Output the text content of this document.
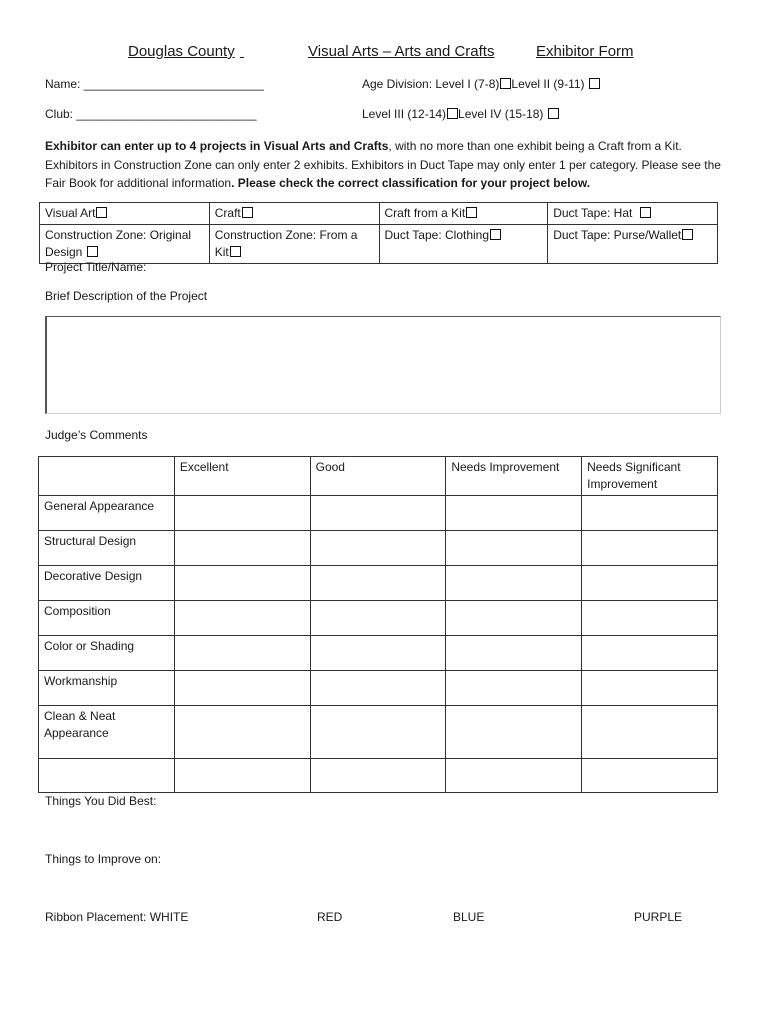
Douglas County
	Visual Arts – Arts and Crafts	Exhibitor Form
Name: ___________________________
Club: ___________________________
Age Division: Level I (7-8) Level II (9-11)
Level III (12-14) Level IV (15-18)
Exhibitor can enter up to 4 projects in Visual Arts and Crafts, with no more than one exhibit being a Craft from a Kit. Exhibitors in Construction Zone can only enter 2 exhibits. Exhibitors in Duct Tape may only enter 1 per category. Please see the Fair Book for additional information. Please check the correct classification for your project below.
Visual Art	Craft	Craft from a Kit	Duct Tape: Hat
Construction Zone: Original Design	Construction Zone: From a Kit	Duct Tape: Clothing	Duct Tape: Purse/Wallet
Project Title/Name:
Brief Description of the Project
Judge’s Comments
	Excellent	Good	Needs Improvement	Needs Significant Improvement
General Appearance				
Structural Design				
Decorative Design				
Composition				
Color or Shading				
Workmanship				
Clean & Neat Appearance				

Things You Did Best:
Things to Improve on:
Ribbon Placement: WHITE	RED	BLUE	PURPLE
